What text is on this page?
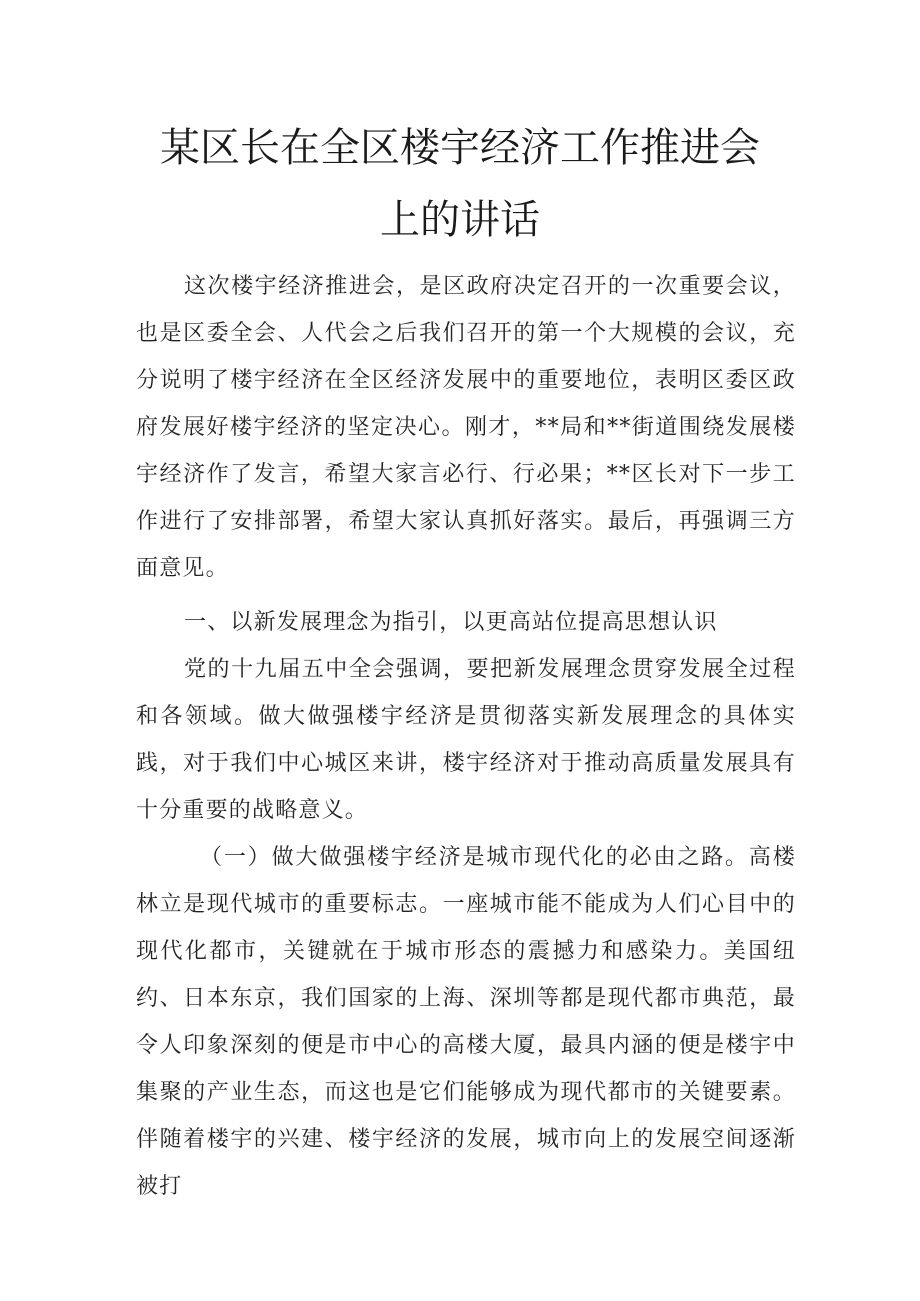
某区长在全区楼宇经济工作推进会
上的讲话

这次楼宇经济推进会，是区政府决定召开的一次重要会议，也是区委全会、人代会之后我们召开的第一个大规模的会议，充分说明了楼宇经济在全区经济发展中的重要地位，表明区委区政府发展好楼宇经济的坚定决心。刚才，**局和**街道围绕发展楼宇经济作了发言，希望大家言必行、行必果；**区长对下一步工作进行了安排部署，希望大家认真抓好落实。最后，再强调三方面意见。

一、以新发展理念为指引，以更高站位提高思想认识

党的十九届五中全会强调，要把新发展理念贯穿发展全过程和各领域。做大做强楼宇经济是贯彻落实新发展理念的具体实践，对于我们中心城区来讲，楼宇经济对于推动高质量发展具有十分重要的战略意义。

（一）做大做强楼宇经济是城市现代化的必由之路。高楼林立是现代城市的重要标志。一座城市能不能成为人们心目中的现代化都市，关键就在于城市形态的震撼力和感染力。美国纽约、日本东京，我们国家的上海、深圳等都是现代都市典范，最令人印象深刻的便是市中心的高楼大厦，最具内涵的便是楼宇中集聚的产业生态，而这也是它们能够成为现代都市的关键要素。伴随着楼宇的兴建、楼宇经济的发展，城市向上的发展空间逐渐被打
